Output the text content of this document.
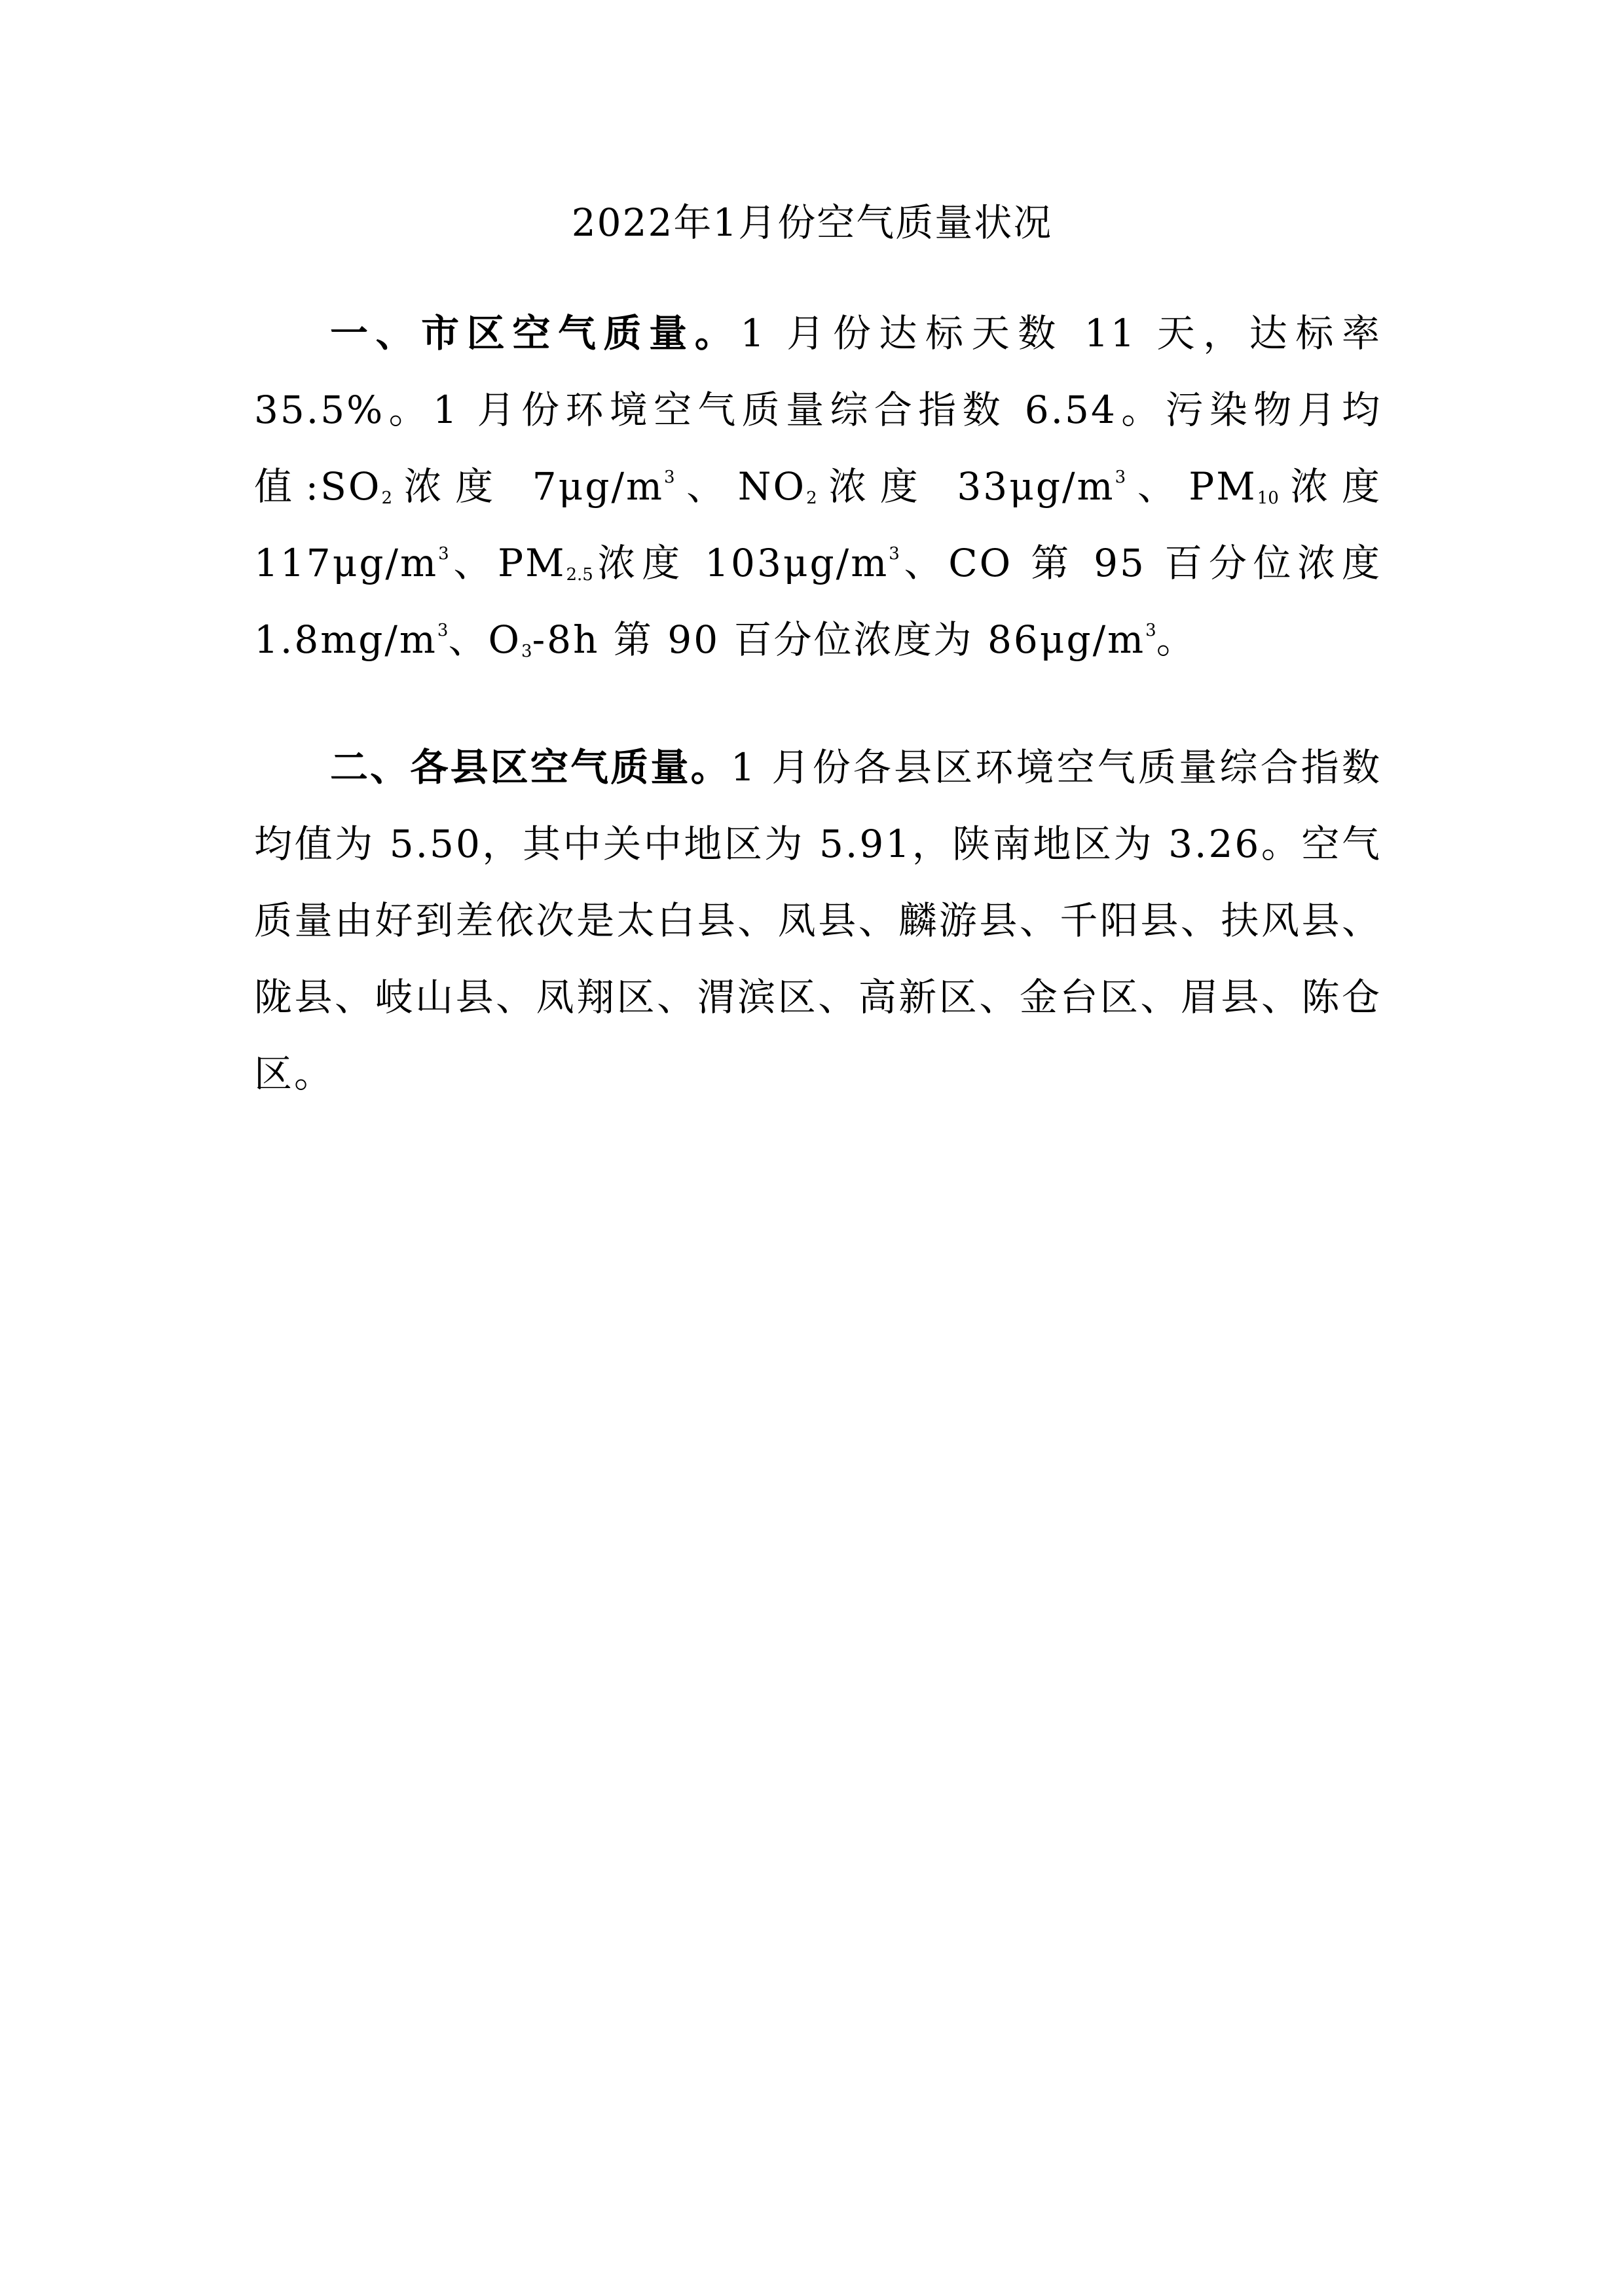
2022年1月份空气质量状况

一、市区空气质量。1 月份达标天数 11 天，达标率 35.5%。1 月份环境空气质量综合指数 6.54。污染物月均值$:SO_2$浓度 $7\mu g/m^3$、$NO_2$浓度 $33\mu g/m^3$、$PM_{10}$浓度 $117\mu g/m^3$、$PM_{2.5}$浓度 $103\mu g/m^3$、CO 第 95 百分位浓度 $1.8mg/m^3$、$O_3-8h$ 第 90 百分位浓度为 $86\mu g/m^3$。

二、各县区空气质量。1 月份各县区环境空气质量综合指数均值为 5.50，其中关中地区为 5.91，陕南地区为 3.26。空气质量由好到差依次是太白县、凤县、麟游县、千阳县、扶风县、陇县、岐山县、凤翔区、渭滨区、高新区、金台区、眉县、陈仓区。
